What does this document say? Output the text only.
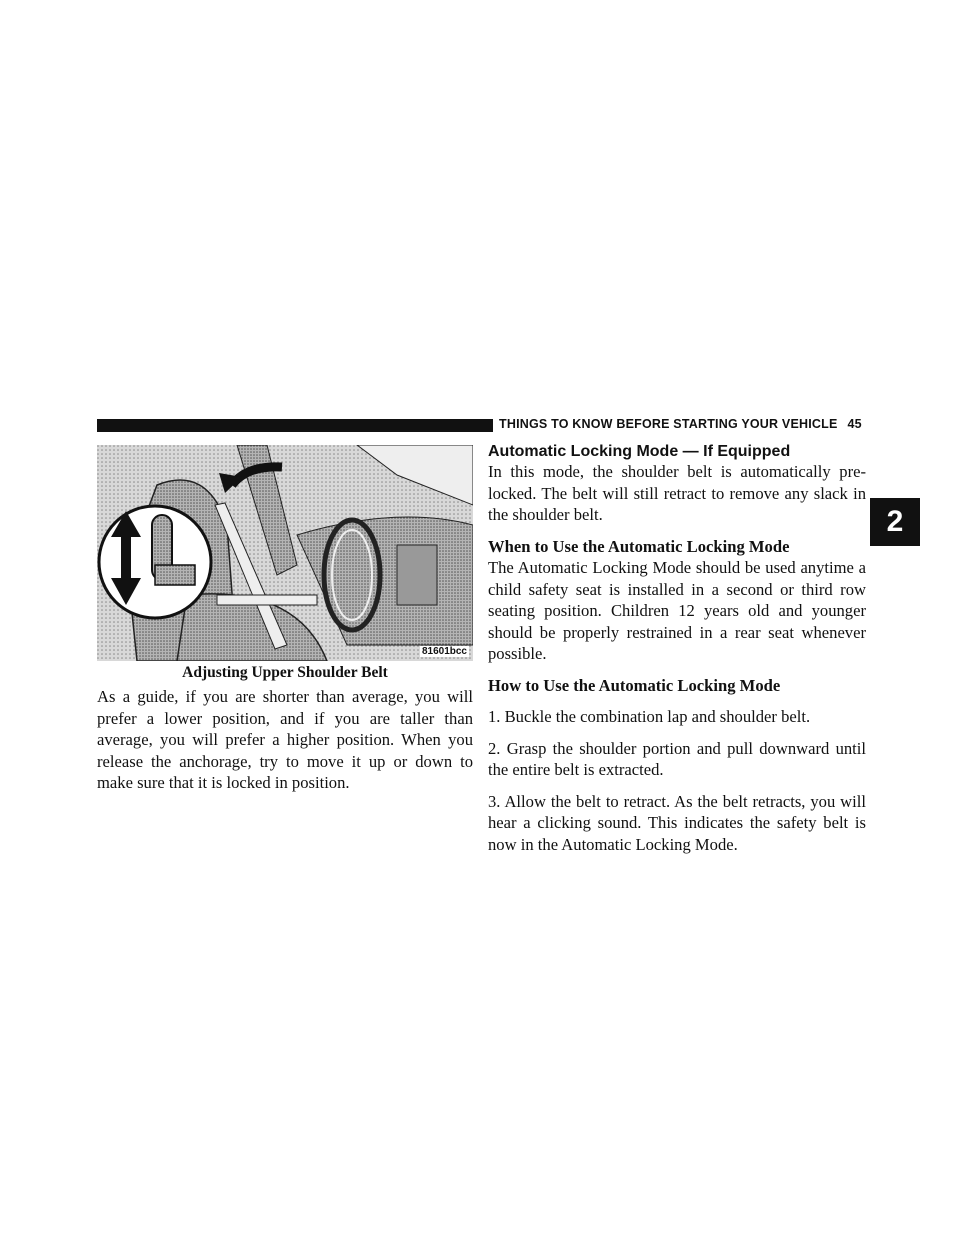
THINGS TO KNOW BEFORE STARTING YOUR VEHICLE 45
2
81601bcc
Adjusting Upper Shoulder Belt
As a guide, if you are shorter than average, you will prefer a lower position, and if you are taller than average, you will prefer a higher position. When you release the anchorage, try to move it up or down to make sure that it is locked in position.
Automatic Locking Mode — If Equipped

In this mode, the shoulder belt is automatically pre-locked. The belt will still retract to remove any slack in the shoulder belt.

When to Use the Automatic Locking Mode

The Automatic Locking Mode should be used anytime a child safety seat is installed in a second or third row seating position. Children 12 years old and younger should be properly restrained in a rear seat whenever possible.

How to Use the Automatic Locking Mode

1. Buckle the combination lap and shoulder belt.

2. Grasp the shoulder portion and pull downward until the entire belt is extracted.

3. Allow the belt to retract. As the belt retracts, you will hear a clicking sound. This indicates the safety belt is now in the Automatic Locking Mode.
